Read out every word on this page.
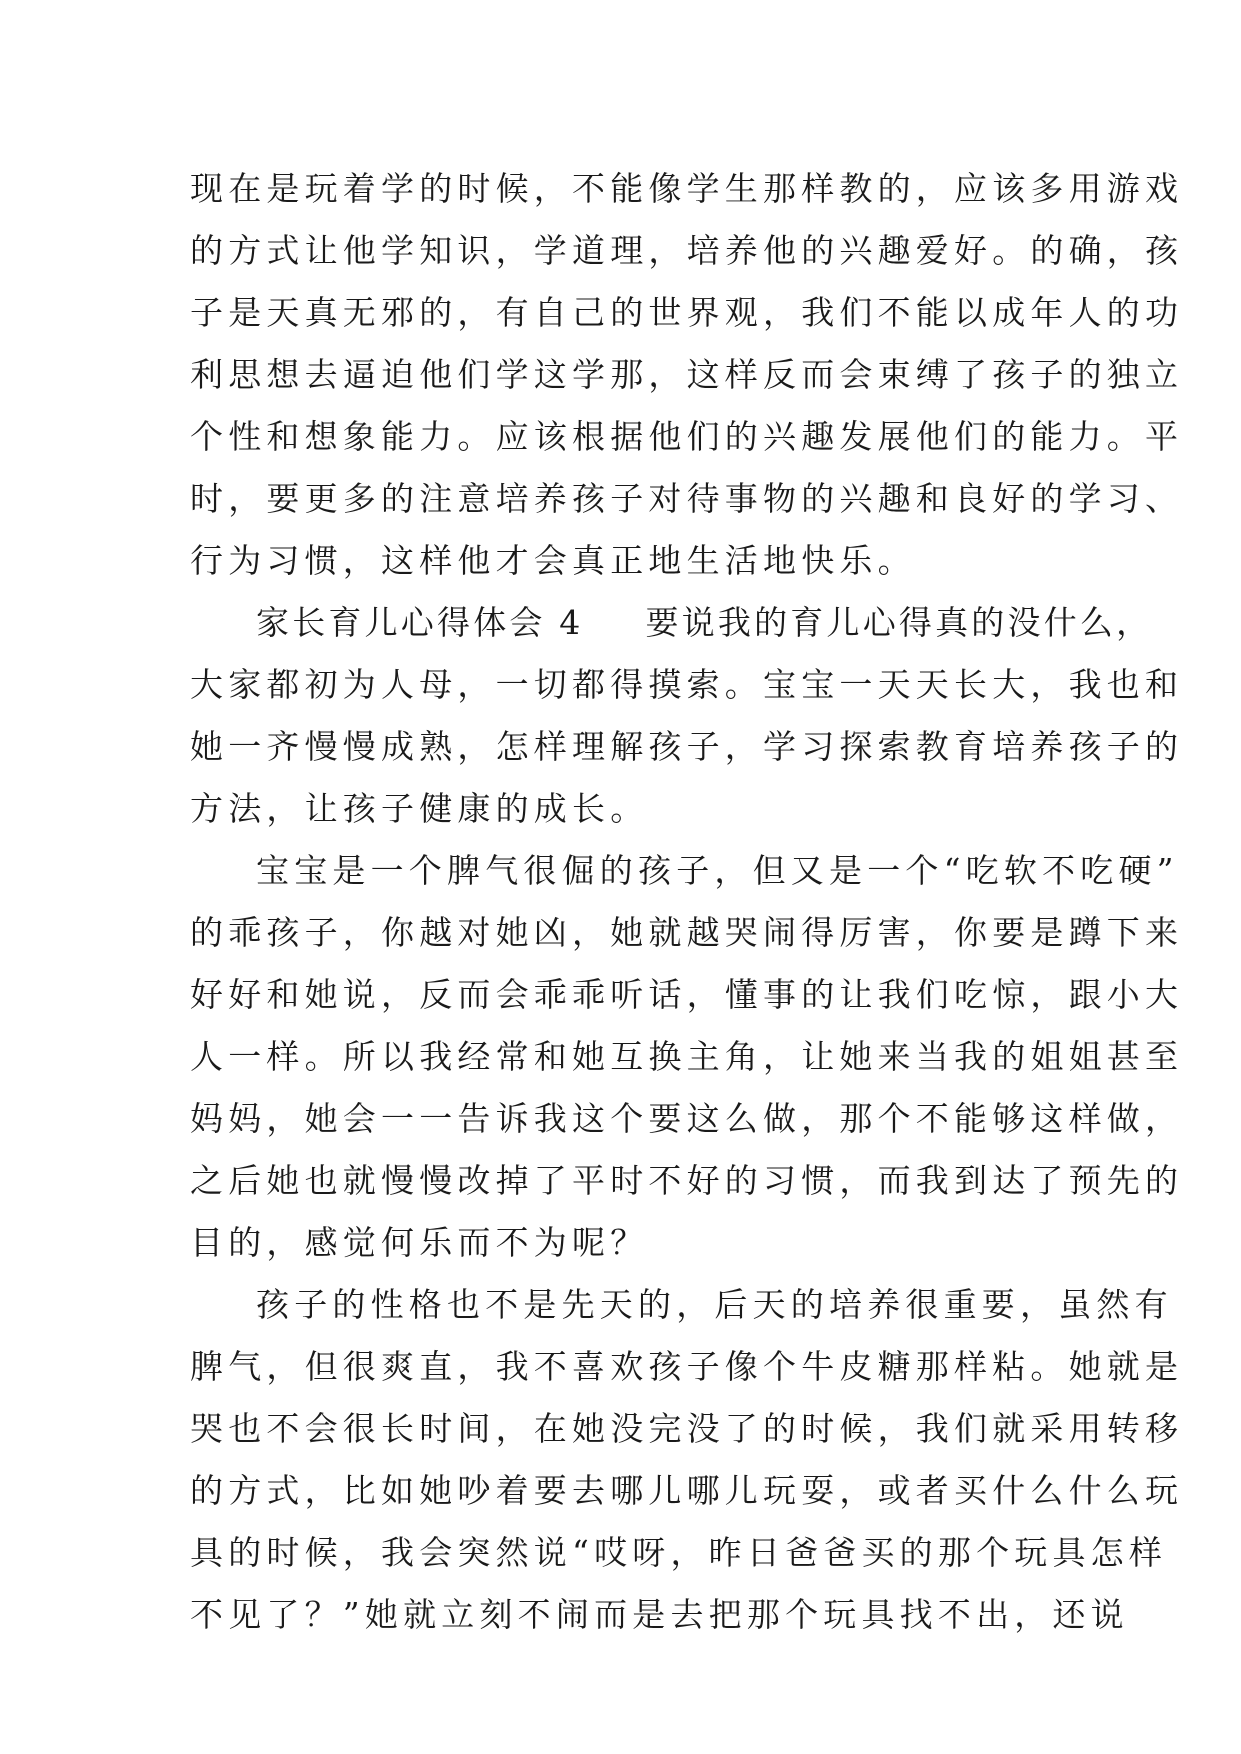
现在是玩着学的时候，不能像学生那样教的，应该多用游戏
的方式让他学知识，学道理，培养他的兴趣爱好。的确，孩
子是天真无邪的，有自己的世界观，我们不能以成年人的功
利思想去逼迫他们学这学那，这样反而会束缚了孩子的独立
个性和想象能力。应该根据他们的兴趣发展他们的能力。平
时，要更多的注意培养孩子对待事物的兴趣和良好的学习、
行为习惯，这样他才会真正地生活地快乐。
家长育儿心得体会 4 要说我的育儿心得真的没什么，
大家都初为人母，一切都得摸索。宝宝一天天长大，我也和
她一齐慢慢成熟，怎样理解孩子，学习探索教育培养孩子的
方法，让孩子健康的成长。
宝宝是一个脾气很倔的孩子，但又是一个“吃软不吃硬”
的乖孩子，你越对她凶，她就越哭闹得厉害，你要是蹲下来
好好和她说，反而会乖乖听话，懂事的让我们吃惊，跟小大
人一样。所以我经常和她互换主角，让她来当我的姐姐甚至
妈妈，她会一一告诉我这个要这么做，那个不能够这样做，
之后她也就慢慢改掉了平时不好的习惯，而我到达了预先的
目的，感觉何乐而不为呢？
孩子的性格也不是先天的，后天的培养很重要，虽然有
脾气，但很爽直，我不喜欢孩子像个牛皮糖那样粘。她就是
哭也不会很长时间，在她没完没了的时候，我们就采用转移
的方式，比如她吵着要去哪儿哪儿玩耍，或者买什么什么玩
具的时候，我会突然说“哎呀，昨日爸爸买的那个玩具怎样
不见了？”她就立刻不闹而是去把那个玩具找不出，还说
